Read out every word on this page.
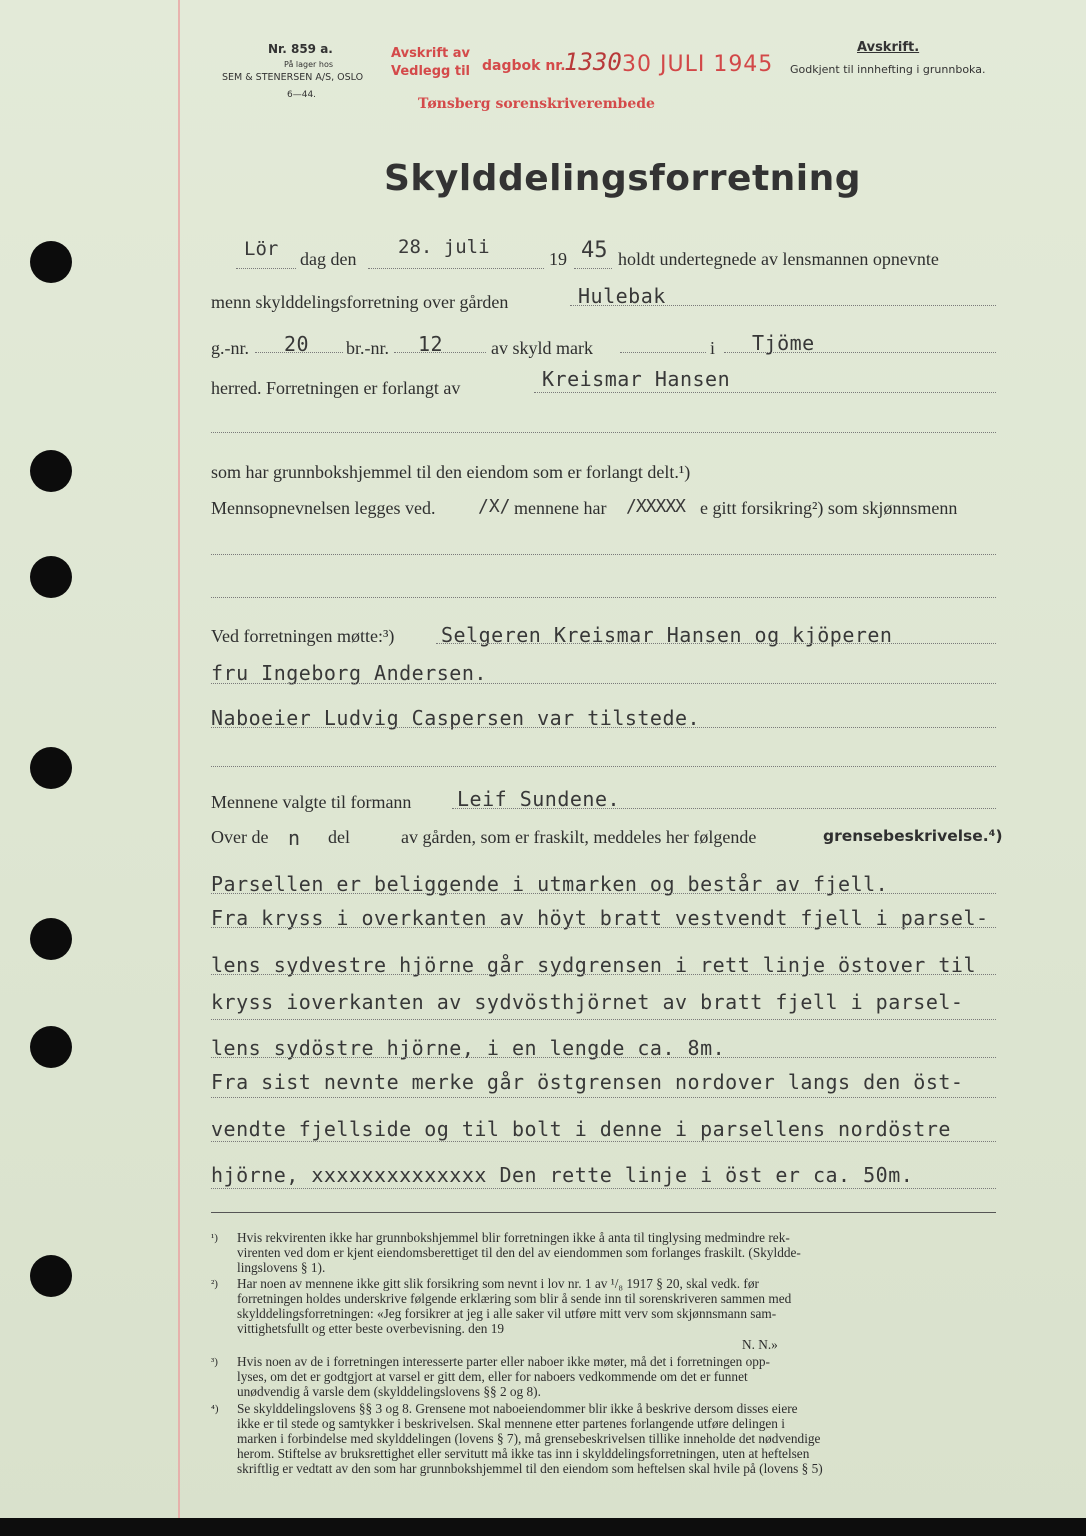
Nr. 859 a.
På lager hos
SEM & STENERSEN A/S, OSLO
6—44.
Avskrift av
Vedlegg til dagbok nr.
1330 30 JULI 1945
Tønsberg sorenskriverembede
Avskrift.
Godkjent til innhefting i grunnboka.
Skylddelingsforretning
Lör dag den
28. juli
19 45 holdt undertegnede av lensmannen opnevnte
menn skylddelingsforretning over gården	Hulebak
g.-nr. 20 br.-nr. 12	av skyld mark	i Tjöme
herred. Forretningen er forlangt av	Kreismar Hansen
som har grunnbokshjemmel til den eiendom som er forlangt delt.¹)
Mennsopnevnelsen legges ved. /X/ mennene har /XXXXX e gitt forsikring²) som skjønnsmenn
Ved forretningen møtte:³) Selgeren Kreismar Hansen og kjöperen
fru Ingeborg Andersen.
Naboeier Ludvig Caspersen var tilstede.
Mennene valgte til formann Leif Sundene.
Over de n del	av gården, som er fraskilt, meddeles her følgende	grensebeskrivelse.⁴)
Parsellen er beliggende i utmarken og består av fjell.
Fra kryss i overkanten av höyt bratt vestvendt fjell i parsel-
lens sydvestre hjörne går sydgrensen i rett linje östover til
kryss ioverkanten av sydvösthjörnet av bratt fjell i parsel-
lens sydöstre hjörne, i en lengde ca. 8m.
Fra sist nevnte merke går östgrensen nordover langs den öst-
vendte fjellside og til bolt i denne i parsellens nordöstre
hjörne, xxxxxxxxxxxxxx Den rette linje i öst er ca. 50m.
¹) Hvis rekvirenten ikke har grunnbokshjemmel blir forretningen ikke å anta til tinglysing medmindre rek-
virenten ved dom er kjent eiendomsberettiget til den del av eiendommen som forlanges fraskilt. (Skyldde-
lingslovens § 1).
²) Har noen av mennene ikke gitt slik forsikring som nevnt i lov nr. 1 av ¹/₈ 1917 § 20, skal vedk. før
forretningen holdes underskrive følgende erklæring som blir å sende inn til sorenskriveren sammen med
skylddelingsforretningen: «Jeg forsikrer at jeg i alle saker vil utføre mitt verv som skjønnsmann sam-
vittighetsfullt og etter beste overbevisning. den 19
N. N.»
³) Hvis noen av de i forretningen interesserte parter eller naboer ikke møter, må det i forretningen opp-
lyses, om det er godtgjort at varsel er gitt dem, eller for naboers vedkommende om det er funnet
unødvendig å varsle dem (skylddelingslovens §§ 2 og 8).
⁴) Se skylddelingslovens §§ 3 og 8. Grensene mot naboeiendommer blir ikke å beskrive dersom disses eiere
ikke er til stede og samtykker i beskrivelsen. Skal mennene etter partenes forlangende utføre delingen i
marken i forbindelse med skylddelingen (lovens § 7), må grensebeskrivelsen tillike inneholde det nødvendige
herom. Stiftelse av bruksrettighet eller servitutt må ikke tas inn i skylddelingsforretningen, uten at heftelsen
skriftlig er vedtatt av den som har grunnbokshjemmel til den eiendom som heftelsen skal hvile på (lovens § 5)
